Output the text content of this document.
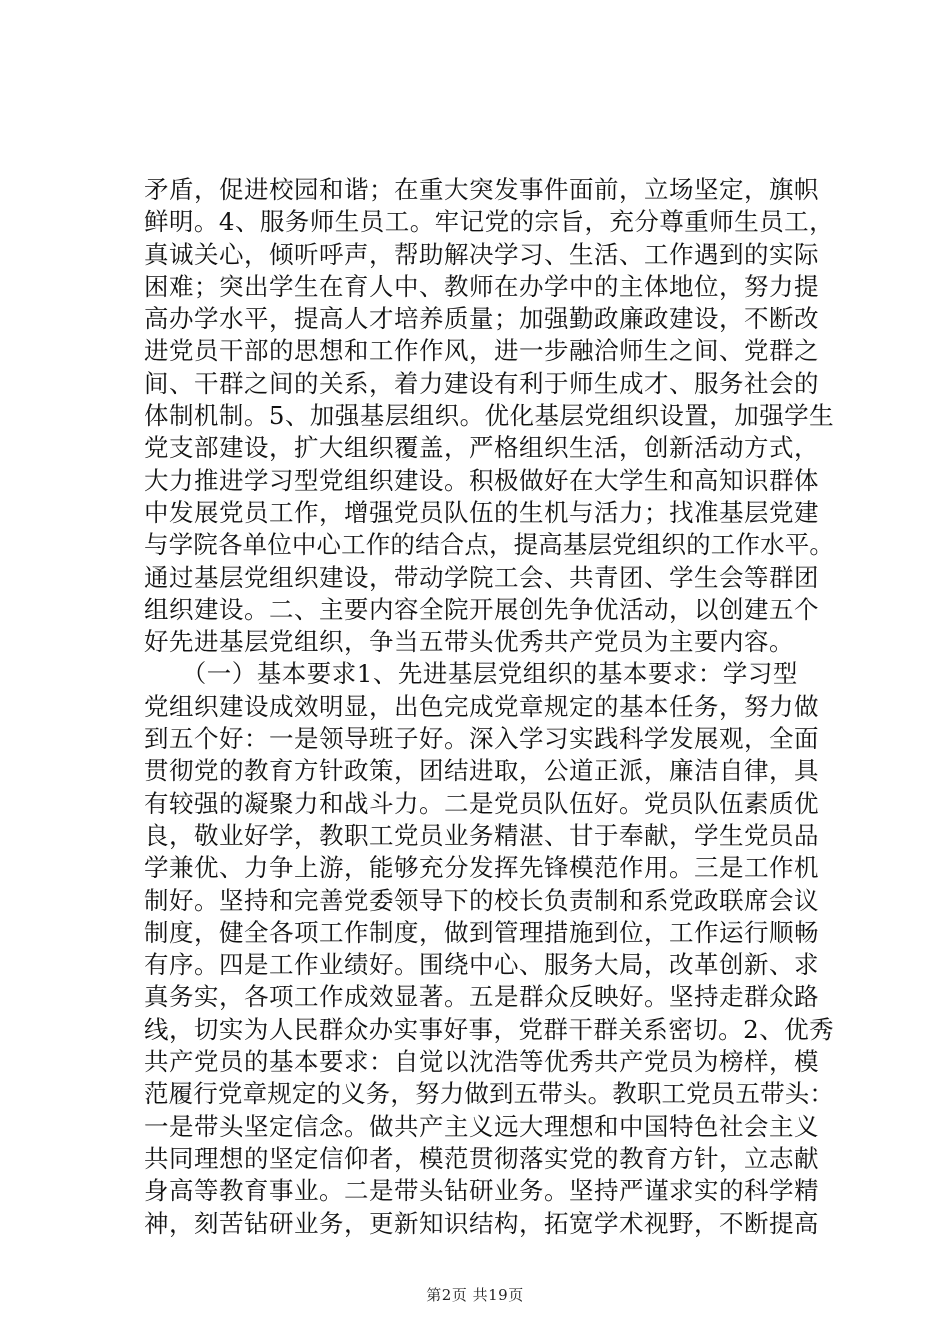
矛盾，促进校园和谐；在重大突发事件面前，立场坚定，旗帜
鲜明。4、服务师生员工。牢记党的宗旨，充分尊重师生员工，
真诚关心，倾听呼声，帮助解决学习、生活、工作遇到的实际
困难；突出学生在育人中、教师在办学中的主体地位，努力提
高办学水平，提高人才培养质量；加强勤政廉政建设，不断改
进党员干部的思想和工作作风，进一步融洽师生之间、党群之
间、干群之间的关系，着力建设有利于师生成才、服务社会的
体制机制。5、加强基层组织。优化基层党组织设置，加强学生
党支部建设，扩大组织覆盖，严格组织生活，创新活动方式，
大力推进学习型党组织建设。积极做好在大学生和高知识群体
中发展党员工作，增强党员队伍的生机与活力；找准基层党建
与学院各单位中心工作的结合点，提高基层党组织的工作水平。
通过基层党组织建设，带动学院工会、共青团、学生会等群团
组织建设。二、主要内容全院开展创先争优活动，以创建五个
好先进基层党组织，争当五带头优秀共产党员为主要内容。
　　（一）基本要求1、先进基层党组织的基本要求：学习型
党组织建设成效明显，出色完成党章规定的基本任务，努力做
到五个好：一是领导班子好。深入学习实践科学发展观，全面
贯彻党的教育方针政策，团结进取，公道正派，廉洁自律，具
有较强的凝聚力和战斗力。二是党员队伍好。党员队伍素质优
良，敬业好学，教职工党员业务精湛、甘于奉献，学生党员品
学兼优、力争上游，能够充分发挥先锋模范作用。三是工作机
制好。坚持和完善党委领导下的校长负责制和系党政联席会议
制度，健全各项工作制度，做到管理措施到位，工作运行顺畅
有序。四是工作业绩好。围绕中心、服务大局，改革创新、求
真务实，各项工作成效显著。五是群众反映好。坚持走群众路
线，切实为人民群众办实事好事，党群干群关系密切。2、优秀
共产党员的基本要求：自觉以沈浩等优秀共产党员为榜样，模
范履行党章规定的义务，努力做到五带头。教职工党员五带头：
一是带头坚定信念。做共产主义远大理想和中国特色社会主义
共同理想的坚定信仰者，模范贯彻落实党的教育方针，立志献
身高等教育事业。二是带头钻研业务。坚持严谨求实的科学精
神，刻苦钻研业务，更新知识结构，拓宽学术视野，不断提高
第2页 共19页
